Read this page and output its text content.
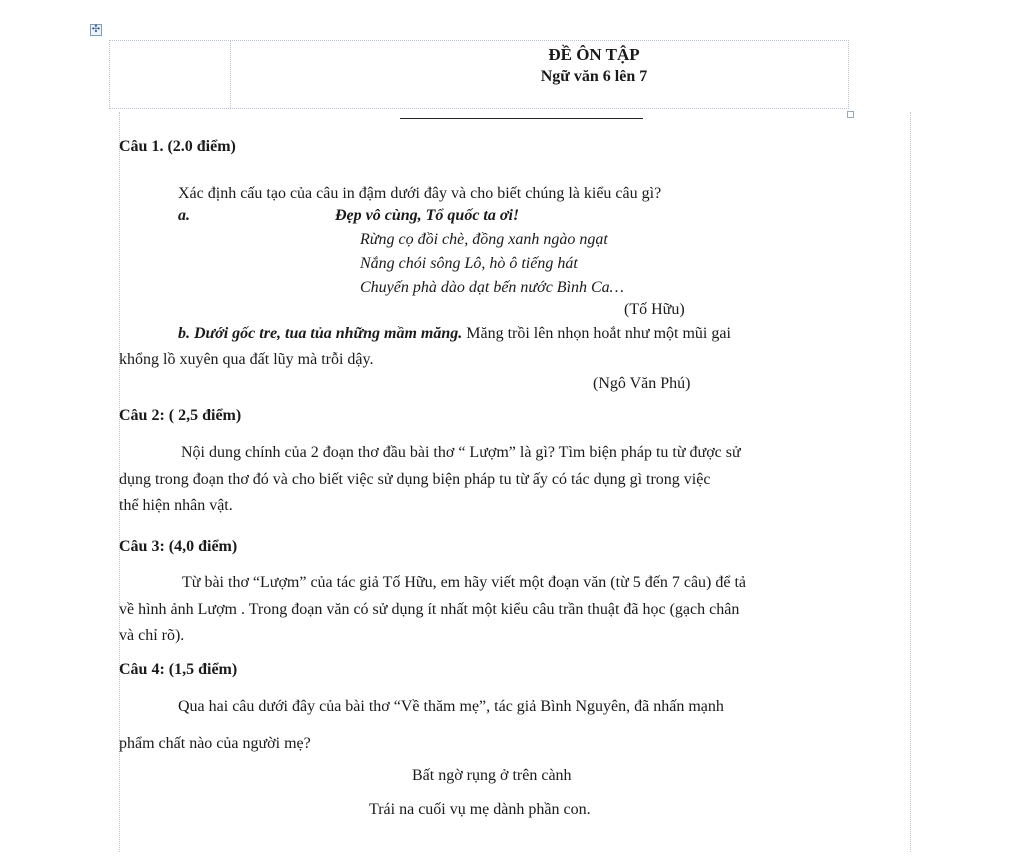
✣
ĐỀ ÔN TẬP
Ngữ văn 6 lên 7
Câu 1. (2.0 điểm)
Xác định cấu tạo của câu in đậm dưới đây và cho biết chúng là kiểu câu gì?
a.	Đẹp vô cùng, Tổ quốc ta ơi!
Rừng cọ đồi chè, đồng xanh ngào ngạt
Nắng chói sông Lô, hò ô tiếng hát
Chuyến phà dào dạt bến nước Bình Ca…
(Tố Hữu)
b. Dưới gốc tre, tua tủa những mầm măng. Măng trồi lên nhọn hoắt như một mũi gai
khổng lồ xuyên qua đất lũy mà trỗi dậy.
(Ngô Văn Phú)
Câu 2: ( 2,5 điểm)
Nội dung chính của 2 đoạn thơ đầu bài thơ “ Lượm” là gì? Tìm biện pháp tu từ được sử
dụng trong đoạn thơ đó và cho biết việc sử dụng biện pháp tu từ ấy có tác dụng gì trong việc
thể hiện nhân vật.
Câu 3: (4,0 điểm)
Từ bài thơ “Lượm” của tác giả Tố Hữu, em hãy viết một đoạn văn (từ 5 đến 7 câu) để tả
về hình ảnh Lượm . Trong đoạn văn có sử dụng ít nhất một kiểu câu trần thuật đã học (gạch chân
và chỉ rõ).
Câu 4: (1,5 điểm)
Qua hai câu dưới đây của bài thơ “Về thăm mẹ”, tác giả Bình Nguyên, đã nhấn mạnh
phẩm chất nào của người mẹ?
Bất ngờ rụng ở trên cành
Trái na cuối vụ mẹ dành phần con.
